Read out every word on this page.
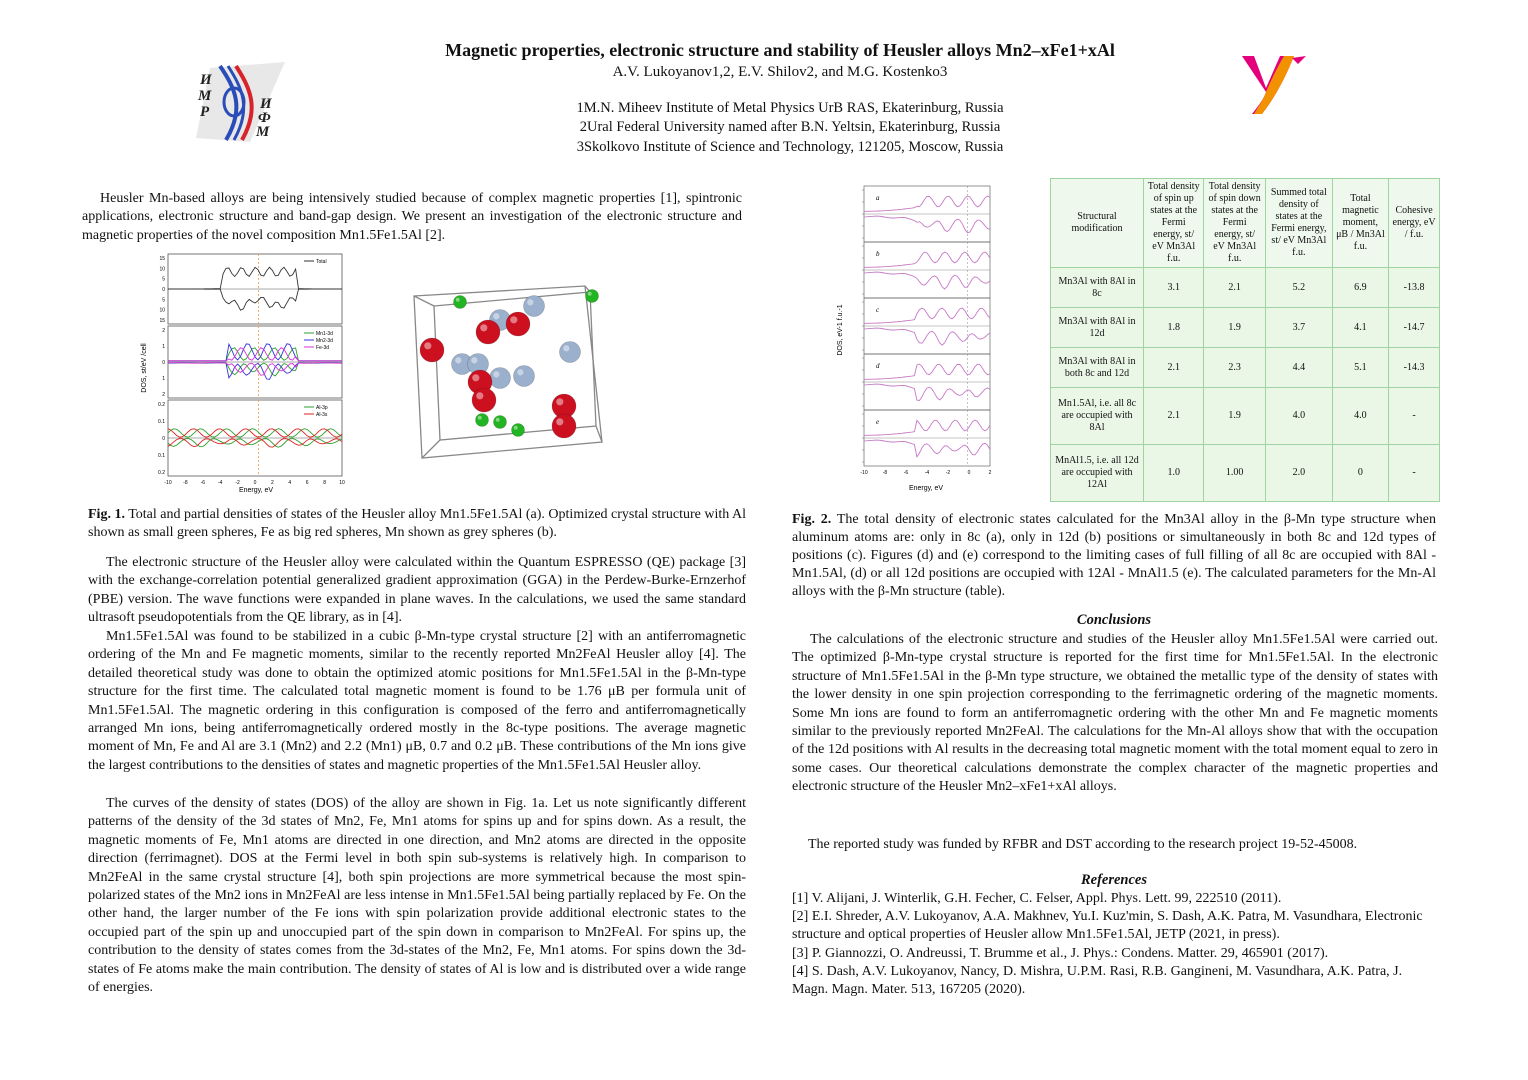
Magnetic properties, electronic structure and stability of Heusler alloys Mn2–xFe1+xAl
A.V. Lukoyanov1,2, E.V. Shilov2, and M.G. Kostenko3
1M.N. Miheev Institute of Metal Physics UrB RAS, Ekaterinburg, Russia
2Ural Federal University named after B.N. Yeltsin, Ekaterinburg, Russia
3Skolkovo Institute of Science and Technology, 121205, Moscow, Russia
И
М
Р	И
Ф
М
Heusler Mn-based alloys are being intensively studied because of complex magnetic properties [1], spintronic applications, electronic structure and band-gap design. We present an investigation of the electronic structure and magnetic properties of the novel composition Mn1.5Fe1.5Al [2].
DOS, st/eV /cell
Energy, eV
15
10
5
0
5
10
15
Total
2
1
0
1
2
Mn1-3d
Mn2-3d
Fe-3d
0.2
0.1
0
0.1
0.2
Al-3p
Al-3s
-10 -8	-6	-4	-2	0	2	4	6	8	10
Fig. 1. Total and partial densities of states of the Heusler alloy Mn1.5Fe1.5Al (a). Optimized crystal structure with Al shown as small green spheres, Fe as big red spheres, Mn shown as grey spheres (b).
The electronic structure of the Heusler alloy were calculated within the Quantum ESPRESSO (QE) package [3] with the exchange-correlation potential generalized gradient approximation (GGA) in the Perdew-Burke-Ernzerhof (PBE) version. The wave functions were expanded in plane waves. In the calculations, we used the same standard ultrasoft pseudopotentials from the QE library, as in [4].
Mn1.5Fe1.5Al was found to be stabilized in a cubic β-Mn-type crystal structure [2] with an antiferromagnetic ordering of the Mn and Fe magnetic moments, similar to the recently reported Mn2FeAl Heusler alloy [4]. The detailed theoretical study was done to obtain the optimized atomic positions for Mn1.5Fe1.5Al in the β-Mn-type structure for the first time. The calculated total magnetic moment is found to be 1.76 μB per formula unit of Mn1.5Fe1.5Al. The magnetic ordering in this configuration is composed of the ferro and antiferromagnetically arranged Mn ions, being antiferromagnetically ordered mostly in the 8c-type positions. The average magnetic moment of Mn, Fe and Al are 3.1 (Mn2) and 2.2 (Mn1) μB, 0.7 and 0.2 μB. These contributions of the Mn ions give the largest contributions to the densities of states and magnetic properties of the Mn1.5Fe1.5Al Heusler alloy.
The curves of the density of states (DOS) of the alloy are shown in Fig. 1a. Let us note significantly different patterns of the density of the 3d states of Mn2, Fe, Mn1 atoms for spins up and for spins down. As a result, the magnetic moments of Fe, Mn1 atoms are directed in one direction, and Mn2 atoms are directed in the opposite direction (ferrimagnet). DOS at the Fermi level in both spin sub-systems is relatively high. In comparison to Mn2FeAl in the same crystal structure [4], both spin projections are more symmetrical because the most spin-polarized states of the Mn2 ions in Mn2FeAl are less intense in Mn1.5Fe1.5Al being partially replaced by Fe. On the other hand, the larger number of the Fe ions with spin polarization provide additional electronic states to the occupied part of the spin up and unoccupied part of the spin down in comparison to Mn2FeAl. For spins up, the contribution to the density of states comes from the 3d-states of the Mn2, Fe, Mn1 atoms. For spins down the 3d-states of Fe atoms make the main contribution. The density of states of Al is low and is distributed over a wide range of energies.
DOS, eV-1 f.u.-1
Energy, eV
a
b
c
d
e
-10	-8	-6	-4	-2	0	2
Structural modification	Total density of spin up states at the Fermi energy, st/ eV Mn3Al f.u.	Total density of spin down states at the Fermi energy, st/ eV Mn3Al f.u.	Summed total density of states at the Fermi energy, st/ eV Mn3Al f.u.	Total magnetic moment, μB / Mn3Al f.u.	Cohesive energy, eV / f.u.
Mn3Al with 8Al in 8c	3.1	2.1	5.2	6.9	-13.8
Mn3Al with 8Al in 12d	1.8	1.9	3.7	4.1	-14.7
Mn3Al with 8Al in both 8c and 12d	2.1	2.3	4.4	5.1	-14.3
Mn1.5Al, i.e. all 8c are occupied with 8Al	2.1	1.9	4.0	4.0	-
MnAl1.5, i.e. all 12d are occupied with 12Al	1.0	1.00	2.0	0	-
Fig. 2. The total density of electronic states calculated for the Mn3Al alloy in the β-Mn type structure when aluminum atoms are: only in 8c (a), only in 12d (b) positions or simultaneously in both 8c and 12d types of positions (c). Figures (d) and (e) correspond to the limiting cases of full filling of all 8c are occupied with 8Al - Mn1.5Al, (d) or all 12d positions are occupied with 12Al - MnAl1.5 (e). The calculated parameters for the Mn-Al alloys with the β-Mn structure (table).
Conclusions
The calculations of the electronic structure and studies of the Heusler alloy Mn1.5Fe1.5Al were carried out. The optimized β-Mn-type crystal structure is reported for the first time for Mn1.5Fe1.5Al. In the electronic structure of Mn1.5Fe1.5Al in the β-Mn type structure, we obtained the metallic type of the density of states with the lower density in one spin projection corresponding to the ferrimagnetic ordering of the magnetic moments. Some Mn ions are found to form an antiferromagnetic ordering with the other Mn and Fe magnetic moments similar to the previously reported Mn2FeAl. The calculations for the Mn-Al alloys show that with the occupation of the 12d positions with Al results in the decreasing total magnetic moment with the total moment equal to zero in some cases. Our theoretical calculations demonstrate the complex character of the magnetic properties and electronic structure of the Heusler Mn2–xFe1+xAl alloys.
The reported study was funded by RFBR and DST according to the research project 19-52-45008.
References
[1] V. Alijani, J. Winterlik, G.H. Fecher, C. Felser, Appl. Phys. Lett. 99, 222510 (2011).
[2] E.I. Shreder, A.V. Lukoyanov, A.A. Makhnev, Yu.I. Kuz'min, S. Dash, A.K. Patra, M. Vasundhara, Electronic structure and optical properties of Heusler allow Mn1.5Fe1.5Al, JETP (2021, in press).
[3] P. Giannozzi, O. Andreussi, T. Brumme et al., J. Phys.: Condens. Matter. 29, 465901 (2017).
[4] S. Dash, A.V. Lukoyanov, Nancy, D. Mishra, U.P.M. Rasi, R.B. Gangineni, M. Vasundhara, A.K. Patra, J. Magn. Magn. Mater. 513, 167205 (2020).
